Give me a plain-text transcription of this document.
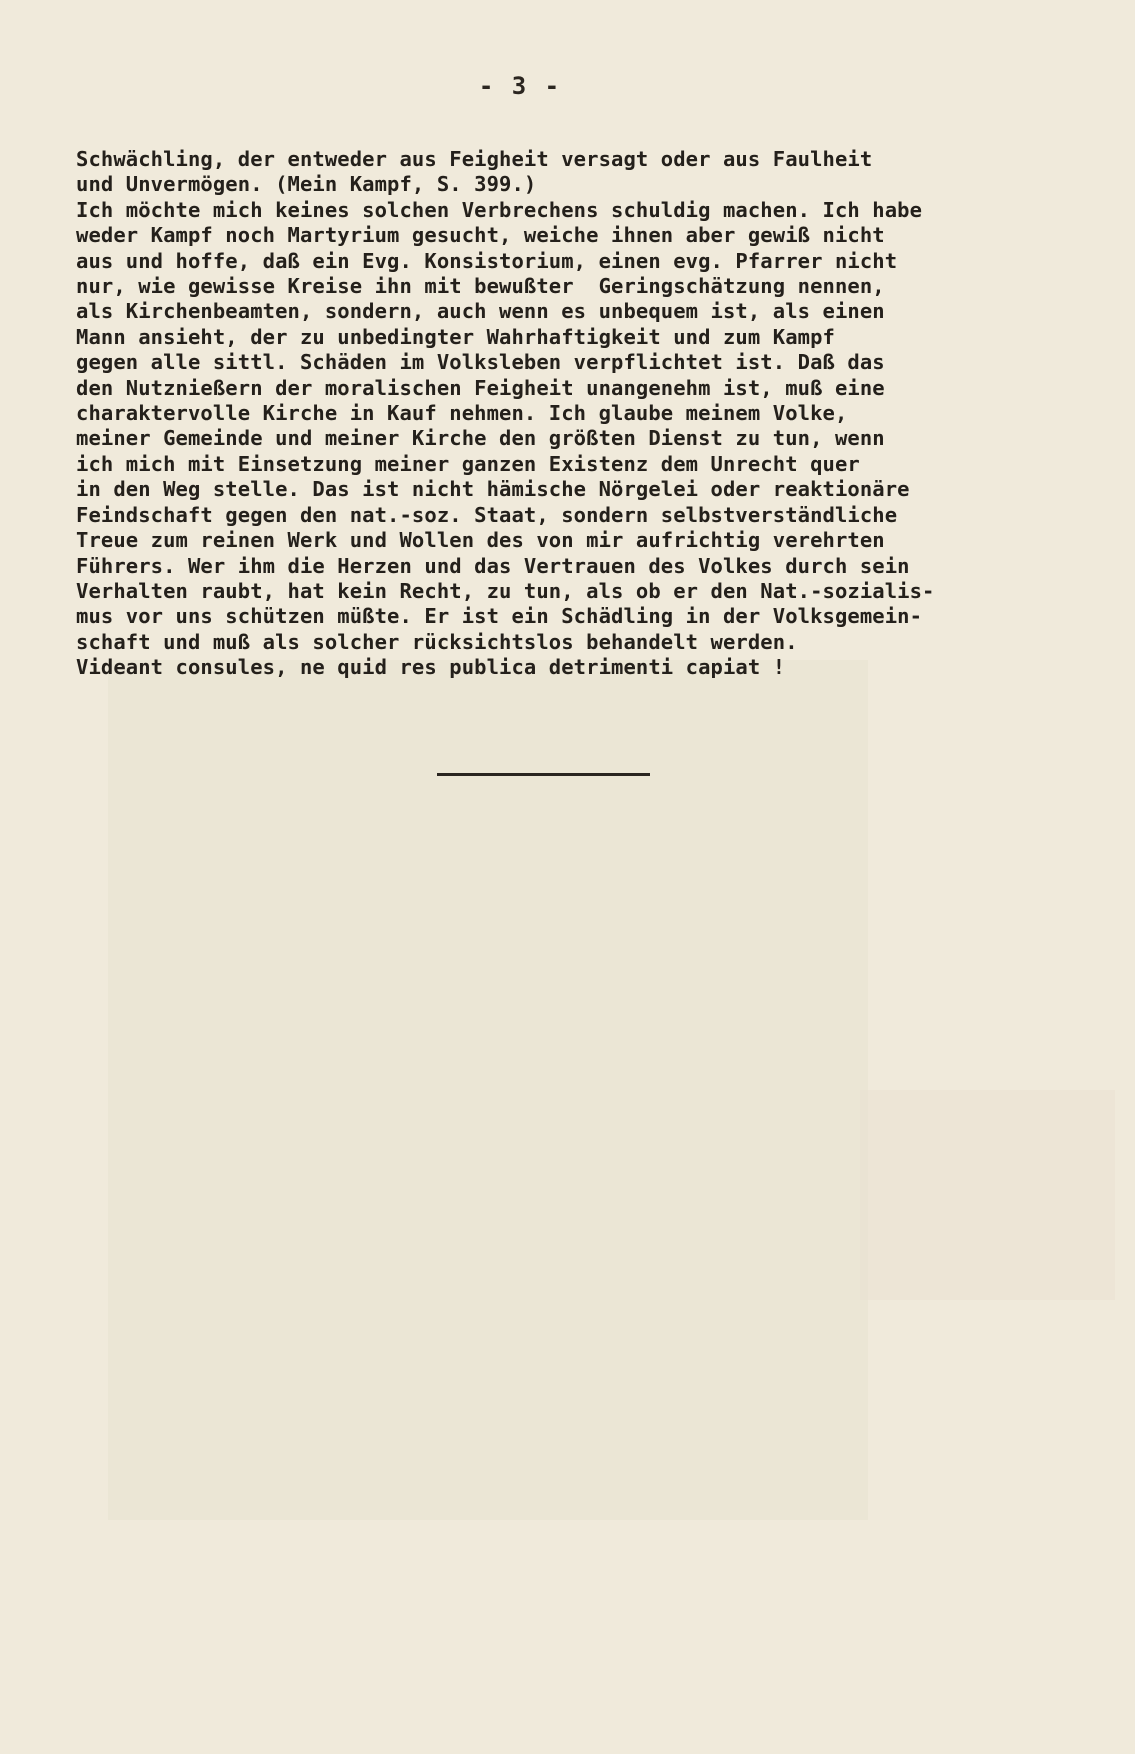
- 3 -
Schwächling, der entweder aus Feigheit versagt oder aus Faulheit
und Unvermögen. (Mein Kampf, S. 399.)
Ich möchte mich keines solchen Verbrechens schuldig machen. Ich habe
weder Kampf noch Martyrium gesucht, weiche ihnen aber gewiß nicht
aus und hoffe, daß ein Evg. Konsistorium, einen evg. Pfarrer nicht
nur, wie gewisse Kreise ihn mit bewußter  Geringschätzung nennen,
als Kirchenbeamten, sondern, auch wenn es unbequem ist, als einen
Mann ansieht, der zu unbedingter Wahrhaftigkeit und zum Kampf
gegen alle sittl. Schäden im Volksleben verpflichtet ist. Daß das
den Nutznießern der moralischen Feigheit unangenehm ist, muß eine
charaktervolle Kirche in Kauf nehmen. Ich glaube meinem Volke,
meiner Gemeinde und meiner Kirche den größten Dienst zu tun, wenn
ich mich mit Einsetzung meiner ganzen Existenz dem Unrecht quer
in den Weg stelle. Das ist nicht hämische Nörgelei oder reaktionäre
Feindschaft gegen den nat.-soz. Staat, sondern selbstverständliche
Treue zum reinen Werk und Wollen des von mir aufrichtig verehrten
Führers. Wer ihm die Herzen und das Vertrauen des Volkes durch sein
Verhalten raubt, hat kein Recht, zu tun, als ob er den Nat.-sozialis-
mus vor uns schützen müßte. Er ist ein Schädling in der Volksgemein-
schaft und muß als solcher rücksichtslos behandelt werden.
Videant consules, ne quid res publica detrimenti capiat !
